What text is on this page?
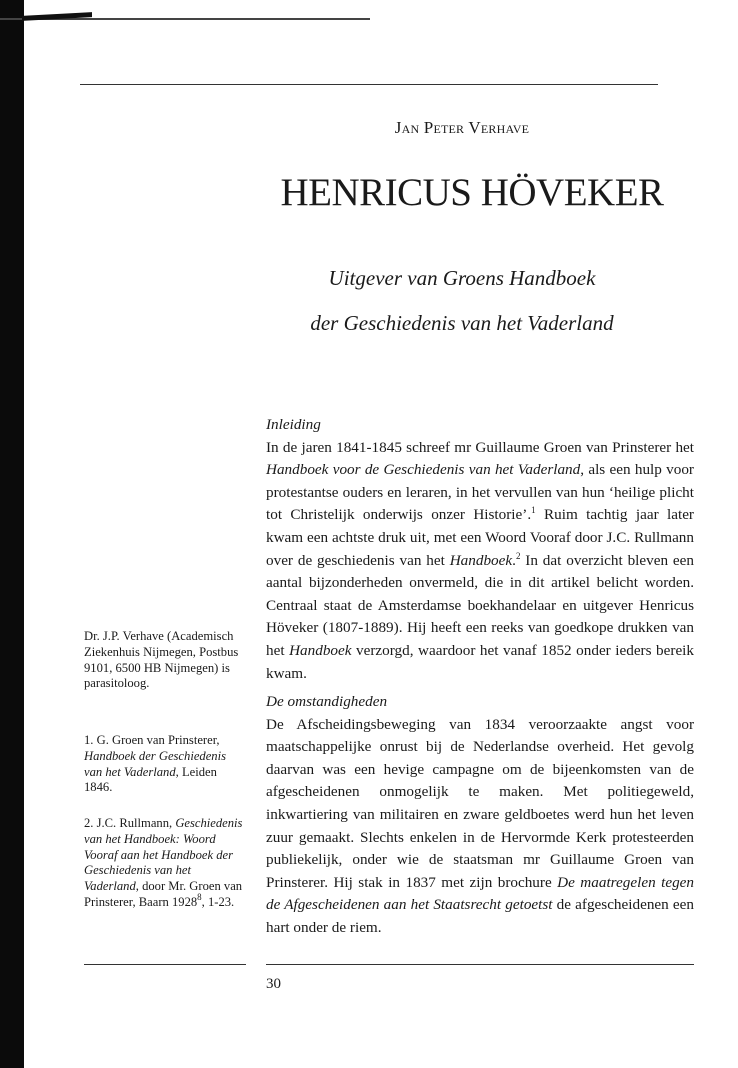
Jan Peter Verhave
HENRICUS HÖVEKER
Uitgever van Groens Handboek
der Geschiedenis van het Vaderland
Inleiding

In de jaren 1841-1845 schreef mr Guillaume Groen van Prinsterer het Handboek voor de Geschiedenis van het Vaderland, als een hulp voor protestantse ouders en leraren, in het vervullen van hun ‘heilige plicht tot Christelijk onderwijs onzer Historie’.$^1$ Ruim tachtig jaar later kwam een achtste druk uit, met een Woord Vooraf door J.C. Rullmann over de geschiedenis van het Handboek.$^2$ In dat overzicht bleven een aantal bijzonderheden onvermeld, die in dit artikel belicht worden. Centraal staat de Amsterdamse boekhandelaar en uitgever Henricus Höveker (1807-1889). Hij heeft een reeks van goedkope drukken van het Handboek verzorgd, waardoor het vanaf 1852 onder ieders bereik kwam.

De omstandigheden

De Afscheidingsbeweging van 1834 veroorzaakte angst voor maatschappelijke onrust bij de Nederlandse overheid. Het gevolg daarvan was een hevige campagne om de bijeenkomsten van de afgescheidenen onmogelijk te maken. Met politiegeweld, inkwartiering van militairen en zware geldboetes werd hun het leven zuur gemaakt. Slechts enkelen in de Hervormde Kerk protesteerden publiekelijk, onder wie de staatsman mr Guillaume Groen van Prinsterer. Hij stak in 1837 met zijn brochure De maatregelen tegen de Afgescheidenen aan het Staatsrecht getoetst de afgescheidenen een hart onder de riem.

Dr. J.P. Verhave (Academisch Ziekenhuis Nijmegen, Postbus 9101, 6500 HB Nijmegen) is parasitoloog.

1. G. Groen van Prinsterer, Handboek der Geschiedenis van het Vaderland, Leiden 1846.

2. J.C. Rullmann, Geschiedenis van het Handboek: Woord Vooraf aan het Handboek der Geschiedenis van het Vaderland, door Mr. Groen van Prinsterer, Baarn 1928$^8$, 1-23.

30
